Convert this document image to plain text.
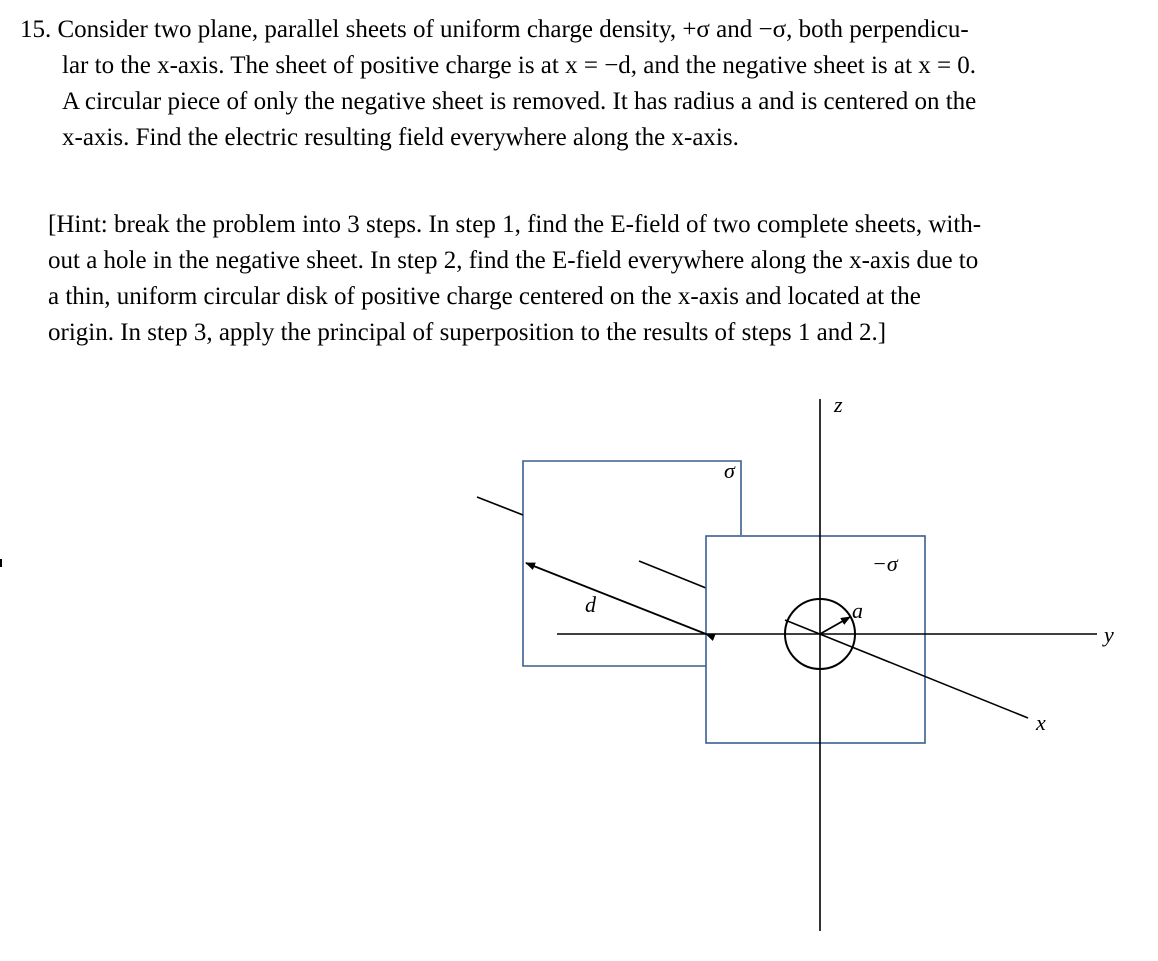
15. Consider two plane, parallel sheets of uniform charge density, +σ and −σ, both perpendicu-
lar to the x-axis. The sheet of positive charge is at x = −d, and the negative sheet is at x = 0.
A circular piece of only the negative sheet is removed. It has radius a and is centered on the
x-axis. Find the electric resulting field everywhere along the x-axis.
[Hint: break the problem into 3 steps. In step 1, find the E-field of two complete sheets, with-
out a hole in the negative sheet. In step 2, find the E-field everywhere along the x-axis due to
a thin, uniform circular disk of positive charge centered on the x-axis and located at the
origin. In step 3, apply the principal of superposition to the results of steps 1 and 2.]
z
σ
−σ
d	a
x
y
